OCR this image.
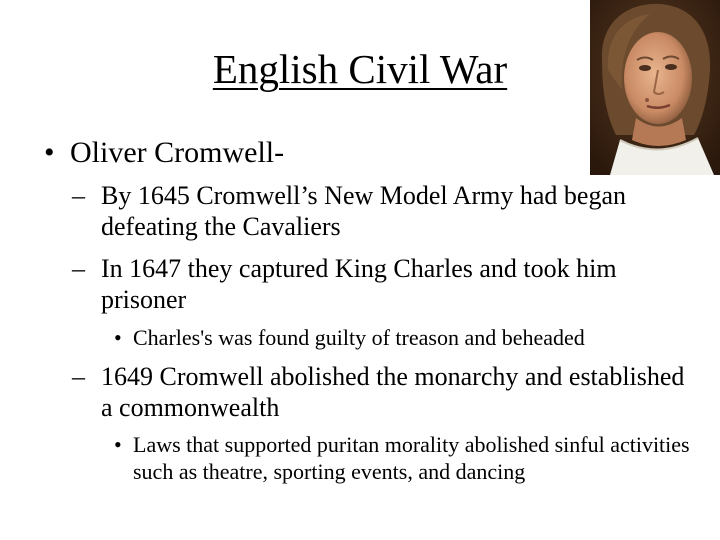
English Civil War
• Oliver Cromwell-
– By 1645 Cromwell’s New Model Army had began defeating the Cavaliers
– In 1647 they captured King Charles and took him prisoner
• Charles's was found guilty of treason and beheaded
– 1649 Cromwell abolished the monarchy and established a commonwealth
• Laws that supported puritan morality abolished sinful activities such as theatre, sporting events, and dancing
